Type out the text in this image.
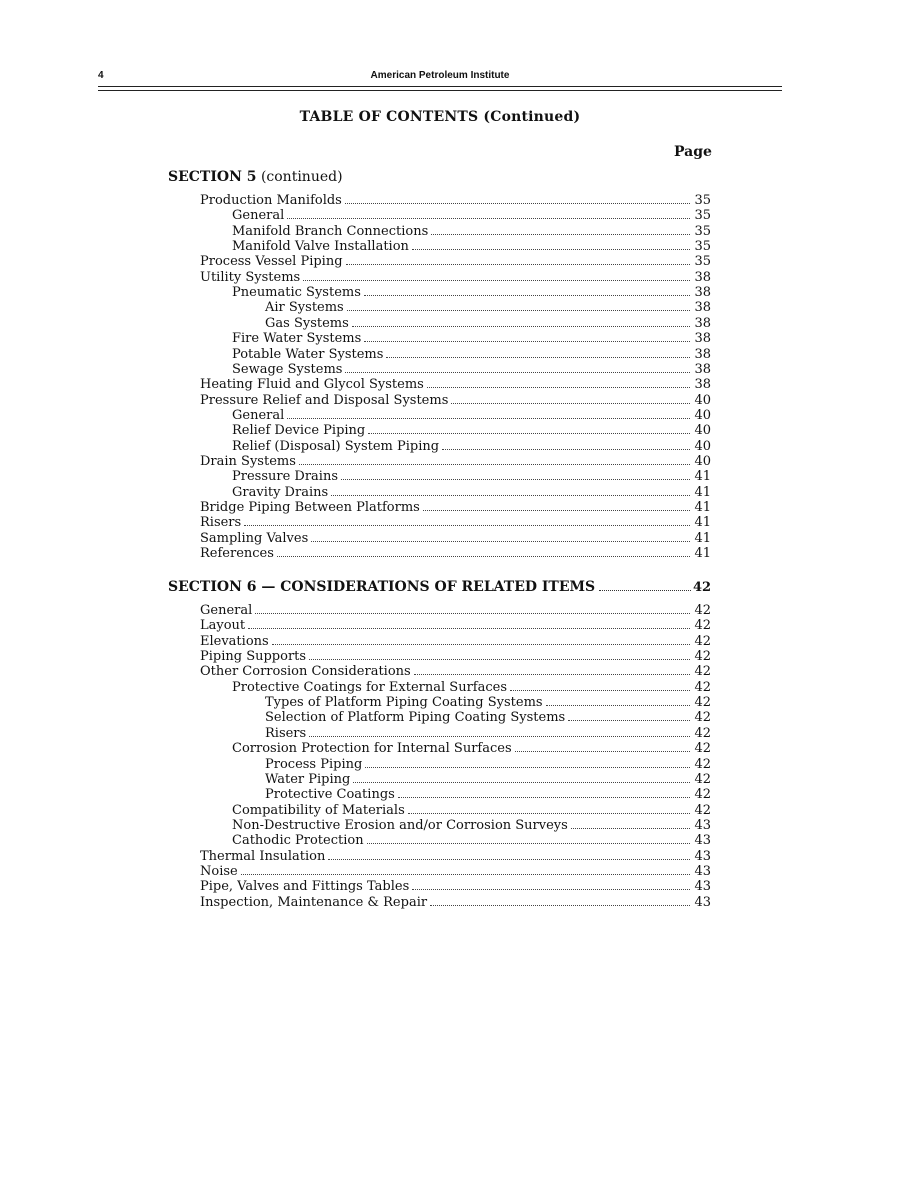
4	American Petroleum Institute
TABLE OF CONTENTS (Continued)
Page
SECTION 5 (continued)
Production Manifolds	35
General	35
Manifold Branch Connections	35
Manifold Valve Installation	35
Process Vessel Piping	35
Utility Systems	38
Pneumatic Systems	38
Air Systems	38
Gas Systems	38
Fire Water Systems	38
Potable Water Systems	38
Sewage Systems	38
Heating Fluid and Glycol Systems	38
Pressure Relief and Disposal Systems	40
General	40
Relief Device Piping	40
Relief (Disposal) System Piping	40
Drain Systems	40
Pressure Drains	41
Gravity Drains	41
Bridge Piping Between Platforms	41
Risers	41
Sampling Valves	41
References	41
SECTION 6 — CONSIDERATIONS OF RELATED ITEMS	42
General	42
Layout	42
Elevations	42
Piping Supports	42
Other Corrosion Considerations	42
Protective Coatings for External Surfaces	42
Types of Platform Piping Coating Systems	42
Selection of Platform Piping Coating Systems	42
Risers	42
Corrosion Protection for Internal Surfaces	42
Process Piping	42
Water Piping	42
Protective Coatings	42
Compatibility of Materials	42
Non-Destructive Erosion and/or Corrosion Surveys	43
Cathodic Protection	43
Thermal Insulation	43
Noise	43
Pipe, Valves and Fittings Tables	43
Inspection, Maintenance & Repair	43
